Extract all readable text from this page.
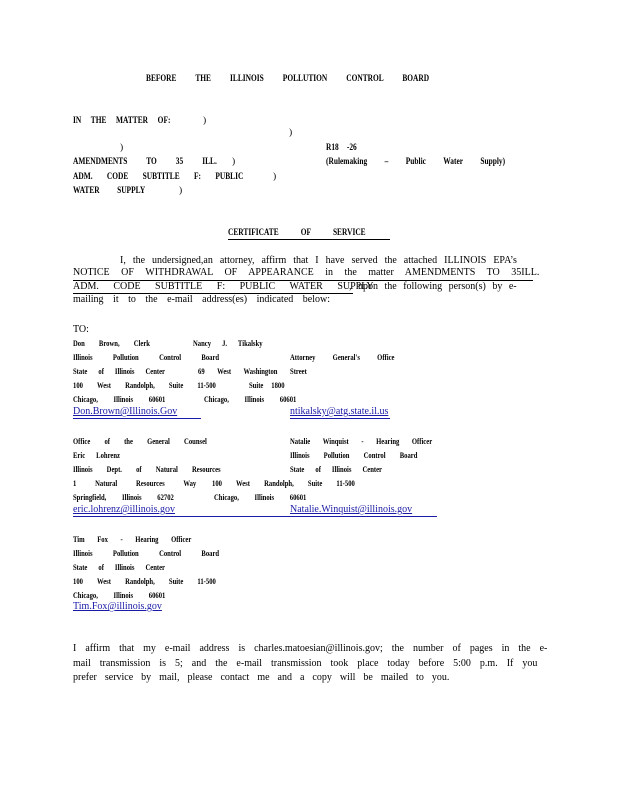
BEFORE THE ILLINOIS POLLUTION CONTROL BOARD
IN THE MATTER OF:	)
)
)	R18 -26
AMENDMENTS TO 35 ILL. )	(Rulemaking – Public Water Supply)
ADM. CODE SUBTITLE F: PUBLIC	)
WATER SUPPLY	)
CERTIFICATE OF SERVICE
I, the undersigned,an attorney, affirm that I have served the attached ILLINOIS EPA’s
NOTICE OF WITHDRAWAL OF APPEARANCE in the matter AMENDMENTS TO 35ILL.
ADM. CODE SUBTITLE F: PUBLIC WATER SUPPLY
, upon the following person(s) by e-
mailing it to the e-mail address(es) indicated below:
TO:
Don Brown, Clerk
Illinois Pollution Control Board
State of Illinois Center
100 West Randolph, Suite 11-500
Chicago, Illinois 60601
Don.Brown@Illinois.Gov
Nancy J. Tikalsky
Attorney General's Office
69 West Washington Street
Suite 1800
Chicago, Illinois 60601
ntikalsky@atg.state.il.us
Office of the General Counsel
Eric Lohrenz
Illinois Dept. of Natural Resources
1 Natural Resources Way
Springfield, Illinois 62702
eric.lohrenz@illinois.gov
Natalie Winquist - Hearing Officer
Illinois Pollution Control Board
State of Illinois Center
100 West Randolph, Suite 11-500
Chicago, Illinois 60601
Natalie.Winquist@illinois.gov
Tim Fox - Hearing Officer
Illinois Pollution Control Board
State of Illinois Center
100 West Randolph, Suite 11-500
Chicago, Illinois 60601
Tim.Fox@illinois.gov
I affirm that my e-mail address is charles.matoesian@illinois.gov; the number of pages in the e-
mail transmission is 5; and the e-mail transmission took place today before 5:00 p.m. If you
prefer service by mail, please contact me and a copy will be mailed to you.
